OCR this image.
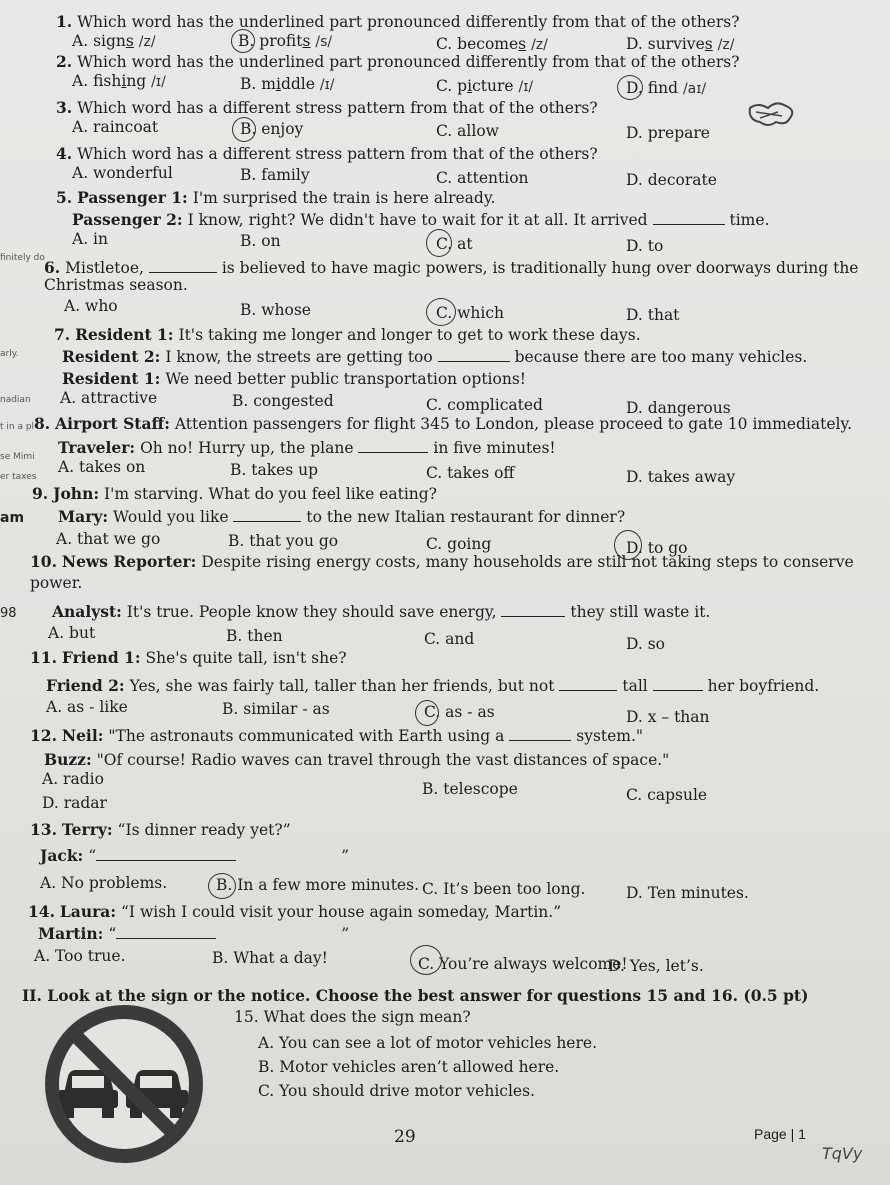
finitely do
arly.
nadian
t in a pl
se Mimi
er taxes
am
98
1. Which word has the underlined part pronounced differently from that of the others?
A. signs /z/	B. profits /s/	C. becomes /z/	D. survives /z/
2. Which word has the underlined part pronounced differently from that of the others?
A. fishing /ɪ/	B. middle /ɪ/	C. picture /ɪ/	D. fnd /aɪ/
3. Which word has a different stress pattern from that of the others?
A. raincoat	B. enjoy	C. allow	D. prepare
4. Which word has a different stress pattern from that of the others?
A. wonderful	B. family	C. attention	D. decorate
5. Passenger 1: I'm surprised the train is here already.
Passenger 2: I know, right? We didn't have to wait for it at all. It arrived	time.
A. in	B. on	C. at	D. to
6. Mistletoe,	is believed to have magic powers, is traditionally hung over doorways during the
Christmas season.
A. who	B. whose	C. which	D. that
7. Resident 1: It's taking me longer and longer to get to work these days.
Resident 2: I know, the streets are getting too	because there are too many vehicles.
Resident 1: We need better public transportation options!
A. attractive	B. congested	C. complicated	D. dangerous
8. Airport Staff: Attention passengers for flight 345 to London, please proceed to gate 10 immediately.
Traveler: Oh no! Hurry up, the plane	in five minutes!
A. takes on	B. takes up	C. takes off	D. takes away
9. John: I'm starving. What do you feel like eating?
Mary: Would you like	to the new Italian restaurant for dinner?
A. that we go	B. that you go	C. going	D. to go
10. News Reporter: Despite rising energy costs, many households are still not taking steps to conserve
power.
Analyst: It's true. People know they should save energy,	they still waste it.
A. but	B. then	C. and	D. so
11. Friend 1: She's quite tall, isn't she?
Friend 2: Yes, she was fairly tall, taller than her friends, but not	tall	her boyfriend.
A. as - like	B. similar - as	C. as - as	D. x – than
12. Neil: "The astronauts communicated with Earth using a	system."
Buzz: "Of course! Radio waves can travel through the vast distances of space."
A. radio
B. telescope	C. capsule
D. radar
13. Terry: “Is dinner ready yet?”
Jack: “	”
A. No problems.	B. In a few more minutes. C. It’s been too long.	D. Ten minutes.
14. Laura: “I wish I could visit your house again someday, Martin.”
Martin: “	”
A. Too true.	B. What a day!	C. You’re always welcome!
D. Yes, let’s.
II. Look at the sign or the notice. Choose the best answer for questions 15 and 16. (0.5 pt)
15. What does the sign mean?
A. You can see a lot of motor vehicles here.
B. Motor vehicles aren’t allowed here.
C. You should drive motor vehicles.
29	Page | 1
TqVy
